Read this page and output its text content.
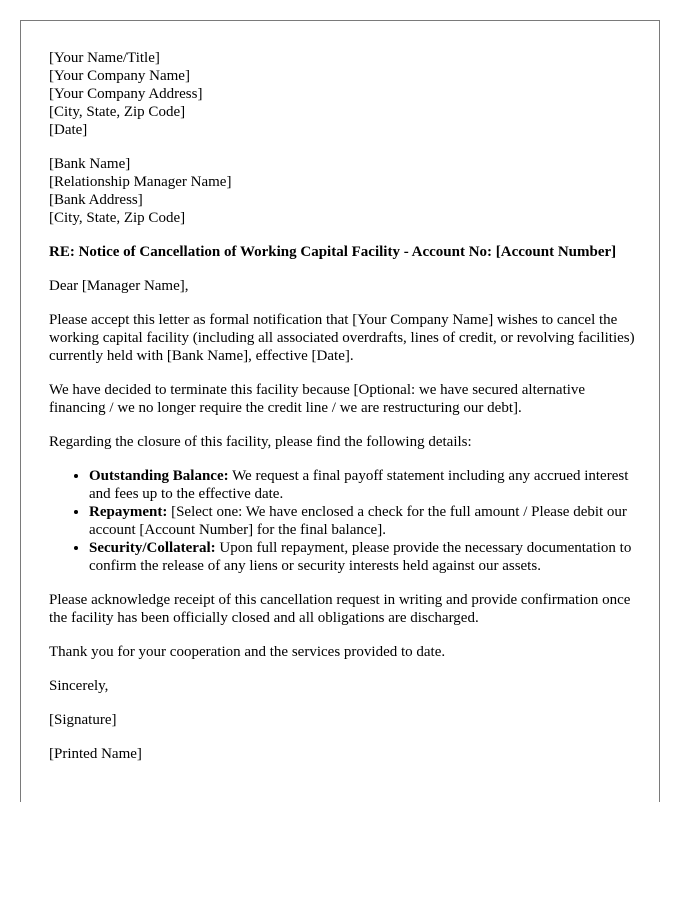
[Your Name/Title]
[Your Company Name]
[Your Company Address]
[City, State, Zip Code]
[Date]
[Bank Name]
[Relationship Manager Name]
[Bank Address]
[City, State, Zip Code]
RE: Notice of Cancellation of Working Capital Facility - Account No: [Account Number]

Dear [Manager Name],

Please accept this letter as formal notification that [Your Company Name] wishes to cancel the working capital facility (including all associated overdrafts, lines of credit, or revolving facilities) currently held with [Bank Name], effective [Date].

We have decided to terminate this facility because [Optional: we have secured alternative financing / we no longer require the credit line / we are restructuring our debt].

Regarding the closure of this facility, please find the following details:

• Outstanding Balance: We request a final payoff statement including any accrued interest and fees up to the effective date.
• Repayment: [Select one: We have enclosed a check for the full amount / Please debit our account [Account Number] for the final balance].
• Security/Collateral: Upon full repayment, please provide the necessary documentation to confirm the release of any liens or security interests held against our assets.

Please acknowledge receipt of this cancellation request in writing and provide confirmation once the facility has been officially closed and all obligations are discharged.

Thank you for your cooperation and the services provided to date.

Sincerely,

[Signature]

[Printed Name]
